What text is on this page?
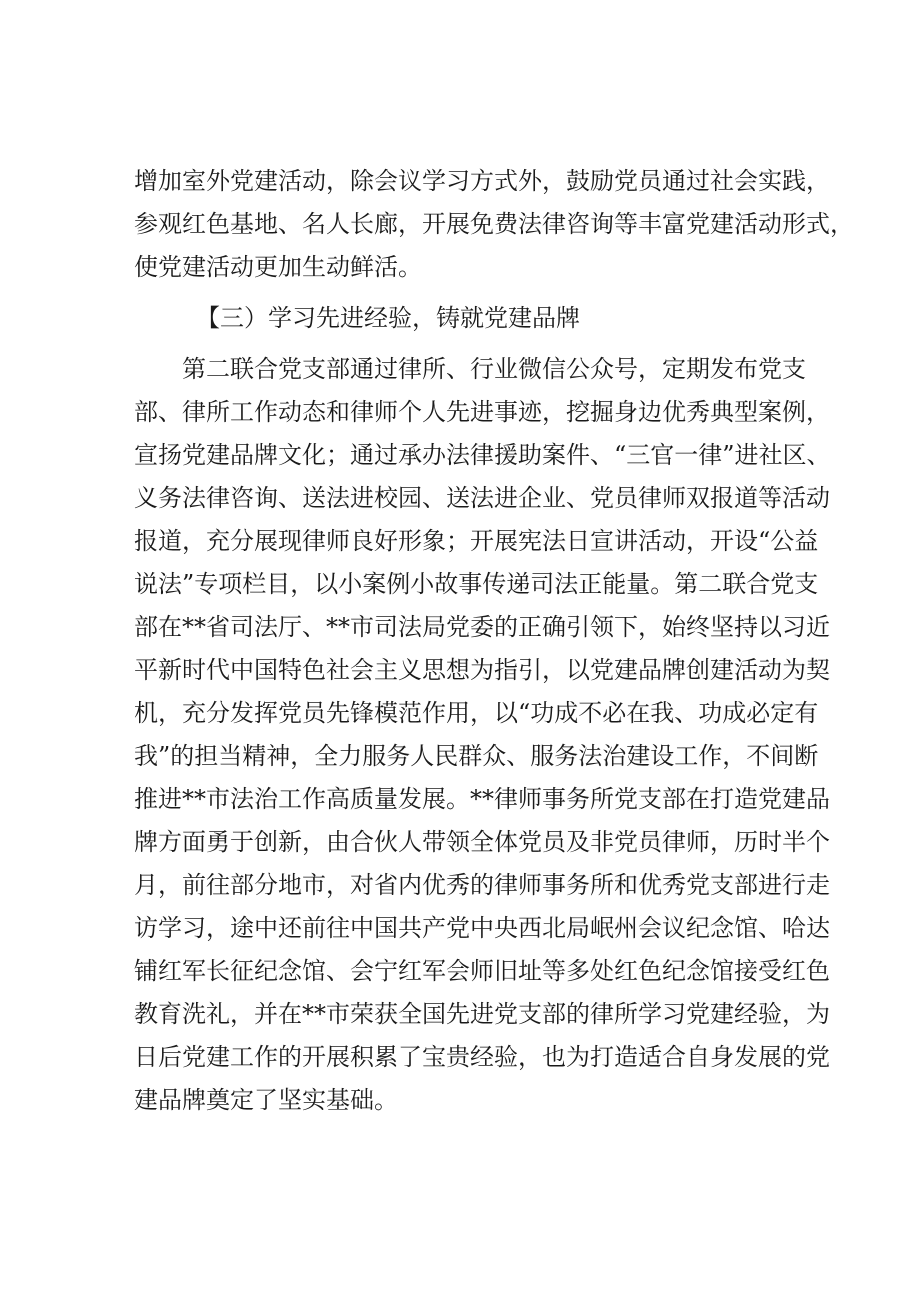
增加室外党建活动，除会议学习方式外，鼓励党员通过社会实践，
参观红色基地、名人长廊，开展免费法律咨询等丰富党建活动形式，
使党建活动更加生动鲜活。
【三）学习先进经验，铸就党建品牌
第二联合党支部通过律所、行业微信公众号，定期发布党支
部、律所工作动态和律师个人先进事迹，挖掘身边优秀典型案例，
宣扬党建品牌文化；通过承办法律援助案件、“三官一律”进社区、
义务法律咨询、送法进校园、送法进企业、党员律师双报道等活动
报道，充分展现律师良好形象；开展宪法日宣讲活动，开设“公益
说法”专项栏目，以小案例小故事传递司法正能量。第二联合党支
部在**省司法厅、**市司法局党委的正确引领下，始终坚持以习近
平新时代中国特色社会主义思想为指引，以党建品牌创建活动为契
机，充分发挥党员先锋模范作用，以“功成不必在我、功成必定有
我”的担当精神，全力服务人民群众、服务法治建设工作，不间断
推进**市法治工作高质量发展。**律师事务所党支部在打造党建品
牌方面勇于创新，由合伙人带领全体党员及非党员律师，历时半个
月，前往部分地市，对省内优秀的律师事务所和优秀党支部进行走
访学习，途中还前往中国共产党中央西北局岷州会议纪念馆、哈达
铺红军长征纪念馆、会宁红军会师旧址等多处红色纪念馆接受红色
教育洗礼，并在**市荣获全国先进党支部的律所学习党建经验，为
日后党建工作的开展积累了宝贵经验，也为打造适合自身发展的党
建品牌奠定了坚实基础。
